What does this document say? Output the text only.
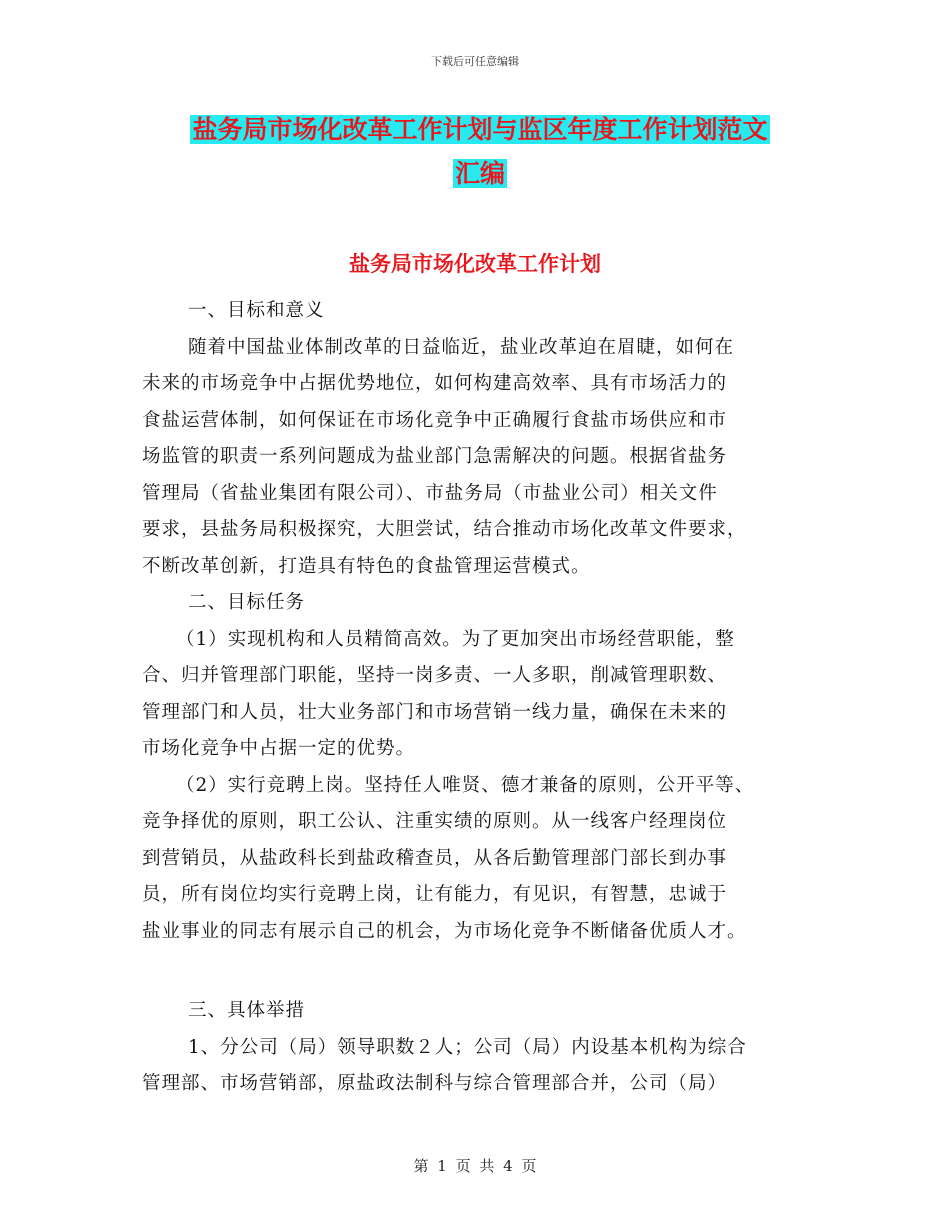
下载后可任意编辑
盐务局市场化改革工作计划与监区年度工作计划范文
汇编
盐务局市场化改革工作计划
一、目标和意义
随着中国盐业体制改革的日益临近，盐业改革迫在眉睫，如何在
未来的市场竞争中占据优势地位，如何构建高效率、具有市场活力的
食盐运营体制，如何保证在市场化竞争中正确履行食盐市场供应和市
场监管的职责一系列问题成为盐业部门急需解决的问题。根据省盐务
管理局（省盐业集团有限公司）、市盐务局（市盐业公司）相关文件
要求，县盐务局积极探究，大胆尝试，结合推动市场化改革文件要求，
不断改革创新，打造具有特色的食盐管理运营模式。
二、目标任务
（1）实现机构和人员精简高效。为了更加突出市场经营职能，整
合、归并管理部门职能，坚持一岗多责、一人多职，削减管理职数、
管理部门和人员，壮大业务部门和市场营销一线力量，确保在未来的
市场化竞争中占据一定的优势。
（2）实行竞聘上岗。坚持任人唯贤、德才兼备的原则，公开平等、
竞争择优的原则，职工公认、注重实绩的原则。从一线客户经理岗位
到营销员，从盐政科长到盐政稽查员，从各后勤管理部门部长到办事
员，所有岗位均实行竞聘上岗，让有能力，有见识，有智慧，忠诚于
盐业事业的同志有展示自己的机会，为市场化竞争不断储备优质人才。
三、具体举措
1、分公司（局）领导职数２人；公司（局）内设基本机构为综合
管理部、市场营销部，原盐政法制科与综合管理部合并，公司（局）
第 1 页 共 4 页
